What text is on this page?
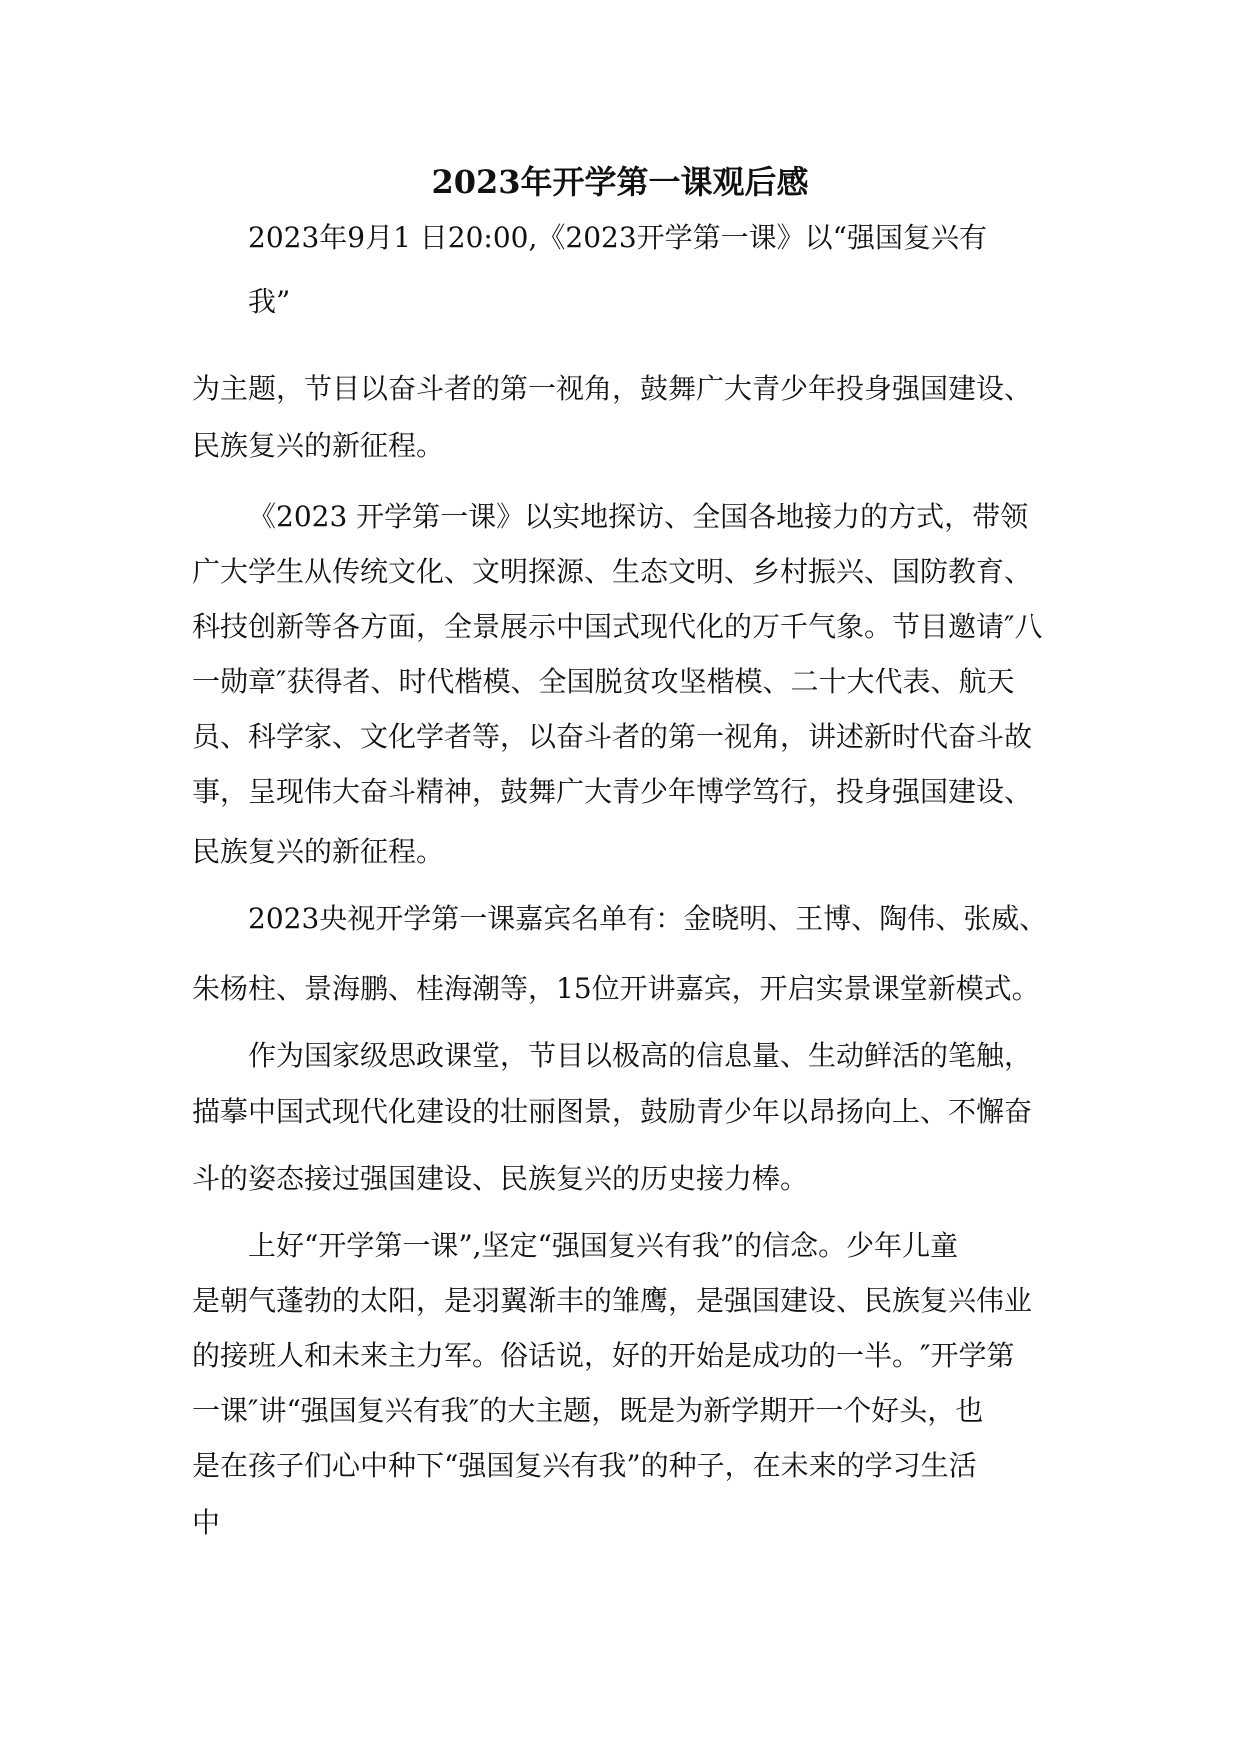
2023年开学第一课观后感
2023年9月1 日20:00,《2023开学第一课》以“强国复兴有
我”
为主题，节目以奋斗者的第一视角，鼓舞广大青少年投身强国建设、
民族复兴的新征程。
《2023 开学第一课》以实地探访、全国各地接力的方式，带领
广大学生从传统文化、文明探源、生态文明、乡村振兴、国防教育、
科技创新等各方面，全景展示中国式现代化的万千气象。节目邀请″八
一勋章″获得者、时代楷模、全国脱贫攻坚楷模、二十大代表、航天
员、科学家、文化学者等，以奋斗者的第一视角，讲述新时代奋斗故
事，呈现伟大奋斗精神，鼓舞广大青少年博学笃行，投身强国建设、
民族复兴的新征程。
2023央视开学第一课嘉宾名单有：金晓明、王博、陶伟、张威、
朱杨柱、景海鹏、桂海潮等，15位开讲嘉宾，开启实景课堂新模式。
作为国家级思政课堂，节目以极高的信息量、生动鲜活的笔触，
描摹中国式现代化建设的壮丽图景，鼓励青少年以昂扬向上、不懈奋
斗的姿态接过强国建设、民族复兴的历史接力棒。
上好“开学第一课”,坚定“强国复兴有我”的信念。少年儿童
是朝气蓬勃的太阳，是羽翼渐丰的雏鹰，是强国建设、民族复兴伟业
的接班人和未来主力军。俗话说，好的开始是成功的一半。″开学第
一课″讲“强国复兴有我″的大主题，既是为新学期开一个好头，也
是在孩子们心中种下“强国复兴有我”的种子，在未来的学习生活
中
